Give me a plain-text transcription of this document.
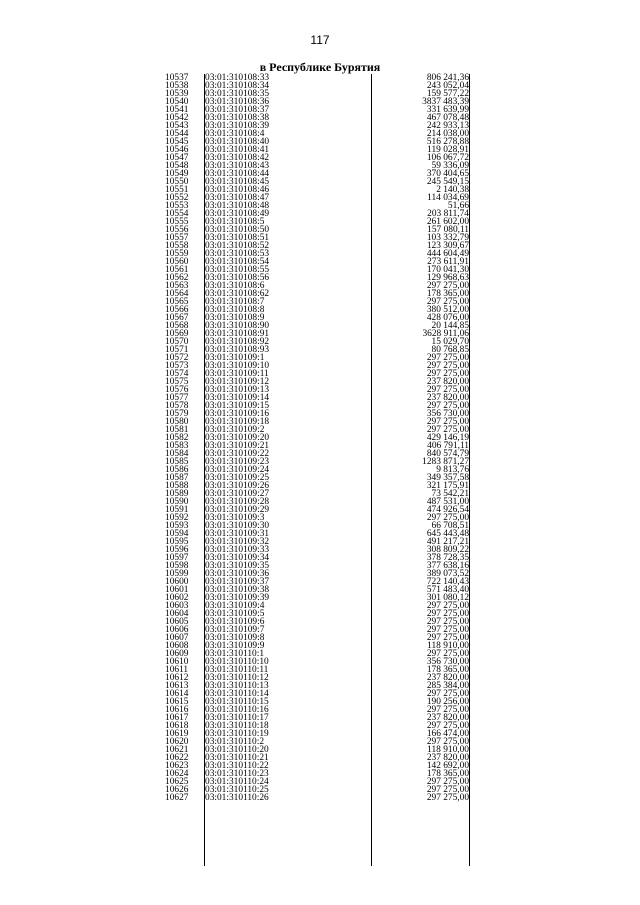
117
в Республике Бурятия
10537	03:01:310108:33	806 241,36
10538	03:01:310108:34	243 052,04
10539	03:01:310108:35	159 577,22
10540	03:01:310108:36	3837 483,39
10541	03:01:310108:37	331 639,99
10542	03:01:310108:38	467 078,48
10543	03:01:310108:39	242 933,13
10544	03:01:310108:4	214 038,00
10545	03:01:310108:40	516 278,88
10546	03:01:310108:41	119 028,91
10547	03:01:310108:42	106 067,72
10548	03:01:310108:43	59 336,09
10549	03:01:310108:44	370 404,65
10550	03:01:310108:45	245 549,15
10551	03:01:310108:46	2 140,38
10552	03:01:310108:47	114 034,69
10553	03:01:310108:48	51,66
10554	03:01:310108:49	203 811,74
10555	03:01:310108:5	261 602,00
10556	03:01:310108:50	157 080,11
10557	03:01:310108:51	103 332,79
10558	03:01:310108:52	123 309,67
10559	03:01:310108:53	444 604,49
10560	03:01:310108:54	273 611,91
10561	03:01:310108:55	170 041,30
10562	03:01:310108:56	129 968,63
10563	03:01:310108:6	297 275,00
10564	03:01:310108:62	178 365,00
10565	03:01:310108:7	297 275,00
10566	03:01:310108:8	380 512,00
10567	03:01:310108:9	428 076,00
10568	03:01:310108:90	20 144,85
10569	03:01:310108:91	3628 911,06
10570	03:01:310108:92	15 029,70
10571	03:01:310108:93	80 768,85
10572	03:01:310109:1	297 275,00
10573	03:01:310109:10	297 275,00
10574	03:01:310109:11	297 275,00
10575	03:01:310109:12	237 820,00
10576	03:01:310109:13	297 275,00
10577	03:01:310109:14	237 820,00
10578	03:01:310109:15	297 275,00
10579	03:01:310109:16	356 730,00
10580	03:01:310109:18	297 275,00
10581	03:01:310109:2	297 275,00
10582	03:01:310109:20	429 146,19
10583	03:01:310109:21	406 791,11
10584	03:01:310109:22	840 574,79
10585	03:01:310109:23	1283 871,27
10586	03:01:310109:24	9 813,76
10587	03:01:310109:25	349 357,58
10588	03:01:310109:26	321 175,91
10589	03:01:310109:27	73 542,21
10590	03:01:310109:28	487 531,00
10591	03:01:310109:29	474 926,54
10592	03:01:310109:3	297 275,00
10593	03:01:310109:30	66 708,51
10594	03:01:310109:31	645 443,48
10595	03:01:310109:32	491 217,21
10596	03:01:310109:33	308 809,22
10597	03:01:310109:34	378 728,35
10598	03:01:310109:35	377 638,16
10599	03:01:310109:36	389 073,52
10600	03:01:310109:37	722 140,43
10601	03:01:310109:38	571 483,40
10602	03:01:310109:39	301 080,12
10603	03:01:310109:4	297 275,00
10604	03:01:310109:5	297 275,00
10605	03:01:310109:6	297 275,00
10606	03:01:310109:7	297 275,00
10607	03:01:310109:8	297 275,00
10608	03:01:310109:9	118 910,00
10609	03:01:310110:1	297 275,00
10610	03:01:310110:10	356 730,00
10611	03:01:310110:11	178 365,00
10612	03:01:310110:12	237 820,00
10613	03:01:310110:13	285 384,00
10614	03:01:310110:14	297 275,00
10615	03:01:310110:15	190 256,00
10616	03:01:310110:16	297 275,00
10617	03:01:310110:17	237 820,00
10618	03:01:310110:18	297 275,00
10619	03:01:310110:19	166 474,00
10620	03:01:310110:2	297 275,00
10621	03:01:310110:20	118 910,00
10622	03:01:310110:21	237 820,00
10623	03:01:310110:22	142 692,00
10624	03:01:310110:23	178 365,00
10625	03:01:310110:24	297 275,00
10626	03:01:310110:25	297 275,00
10627	03:01:310110:26	297 275,00
